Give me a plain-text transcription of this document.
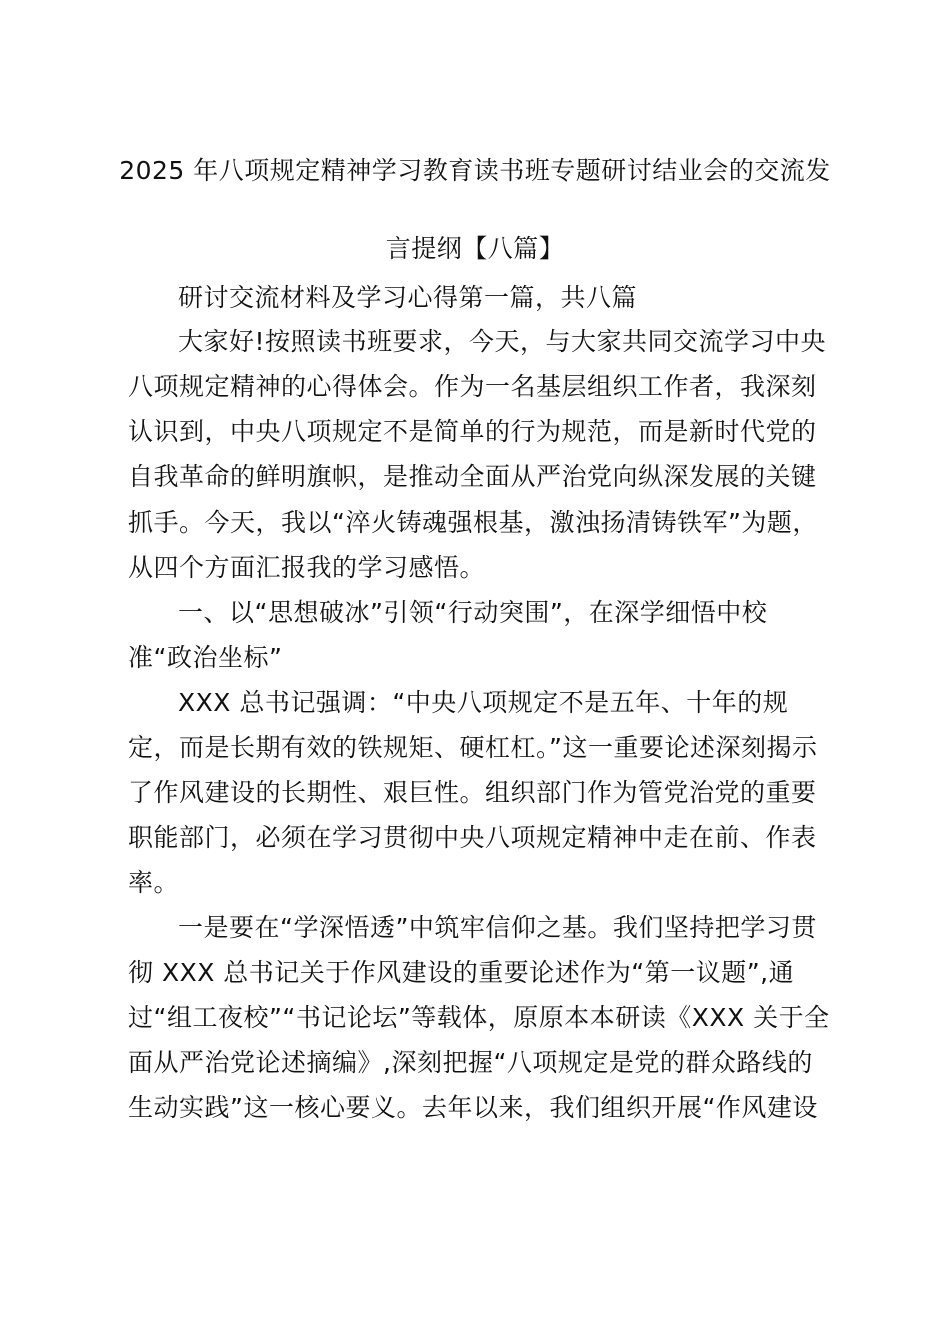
2025 年八项规定精神学习教育读书班专题研讨结业会的交流发
言提纲【八篇】
研讨交流材料及学习心得第一篇，共八篇
大家好!按照读书班要求，今天，与大家共同交流学习中央
八项规定精神的心得体会。作为一名基层组织工作者，我深刻
认识到，中央八项规定不是简单的行为规范，而是新时代党的
自我革命的鲜明旗帜，是推动全面从严治党向纵深发展的关键
抓手。今天，我以“淬火铸魂强根基，激浊扬清铸铁军”为题，
从四个方面汇报我的学习感悟。
一、以“思想破冰”引领“行动突围”，在深学细悟中校
准“政治坐标”
XXX 总书记强调：“中央八项规定不是五年、十年的规
定，而是长期有效的铁规矩、硬杠杠。”这一重要论述深刻揭示
了作风建设的长期性、艰巨性。组织部门作为管党治党的重要
职能部门，必须在学习贯彻中央八项规定精神中走在前、作表
率。
一是要在“学深悟透”中筑牢信仰之基。我们坚持把学习贯
彻 XXX 总书记关于作风建设的重要论述作为“第一议题”,通
过“组工夜校”“书记论坛”等载体，原原本本研读《XXX 关于全
面从严治党论述摘编》,深刻把握“八项规定是党的群众路线的
生动实践”这一核心要义。去年以来，我们组织开展“作风建设
